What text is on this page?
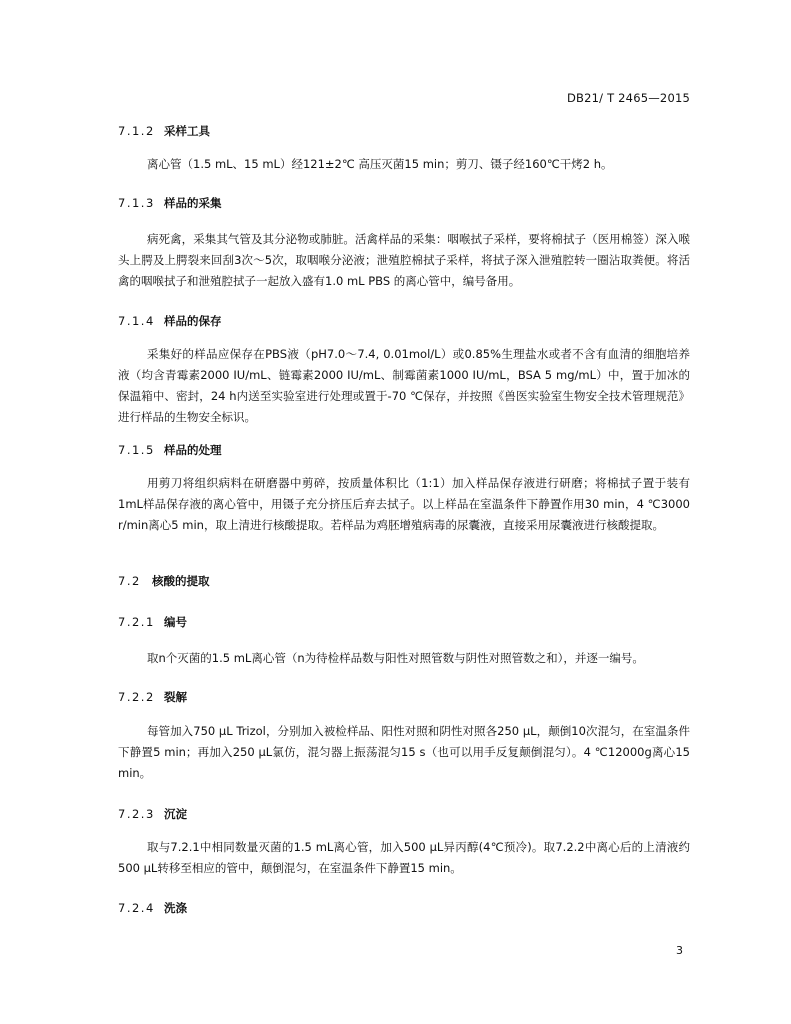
DB21/ T 2465—2015
7.1.2 采样工具

离心管（1.5 mL、15 mL）经121±2℃ 高压灭菌15 min；剪刀、镊子经160℃干烤2 h。

7.1.3 样品的采集

病死禽，采集其气管及其分泌物或肺脏。活禽样品的采集：咽喉拭子采样，要将棉拭子（医用棉签）深入喉头上腭及上腭裂来回刮3次～5次，取咽喉分泌液；泄殖腔棉拭子采样，将拭子深入泄殖腔转一圈沾取粪便。将活禽的咽喉拭子和泄殖腔拭子一起放入盛有1.0 mL PBS 的离心管中，编号备用。

7.1.4 样品的保存

采集好的样品应保存在PBS液（pH7.0～7.4, 0.01mol/L）或0.85%生理盐水或者不含有血清的细胞培养液（均含青霉素2000 IU/mL、链霉素2000 IU/mL、制霉菌素1000 IU/mL，BSA 5 mg/mL）中，置于加冰的保温箱中、密封，24 h内送至实验室进行处理或置于-70 ℃保存，并按照《兽医实验室生物安全技术管理规范》进行样品的生物安全标识。

7.1.5 样品的处理

用剪刀将组织病料在研磨器中剪碎，按质量体积比（1:1）加入样品保存液进行研磨；将棉拭子置于装有1mL样品保存液的离心管中，用镊子充分挤压后弃去拭子。以上样品在室温条件下静置作用30 min，4 ℃3000 r/min离心5 min，取上清进行核酸提取。若样品为鸡胚增殖病毒的尿囊液，直接采用尿囊液进行核酸提取。

7.2 核酸的提取
7.2.1 编号

取n个灭菌的1.5 mL离心管（n为待检样品数与阳性对照管数与阴性对照管数之和），并逐一编号。

7.2.2 裂解

每管加入750 µL Trizol，分别加入被检样品、阳性对照和阴性对照各250 µL，颠倒10次混匀，在室温条件下静置5 min；再加入250 µL氯仿，混匀器上振荡混匀15 s（也可以用手反复颠倒混匀）。4 ℃12000g离心15 min。

7.2.3 沉淀

取与7.2.1中相同数量灭菌的1.5 mL离心管，加入500 µL异丙醇(4℃预冷)。取7.2.2中离心后的上清液约500 µL转移至相应的管中，颠倒混匀，在室温条件下静置15 min。

7.2.4 洗涤
3
